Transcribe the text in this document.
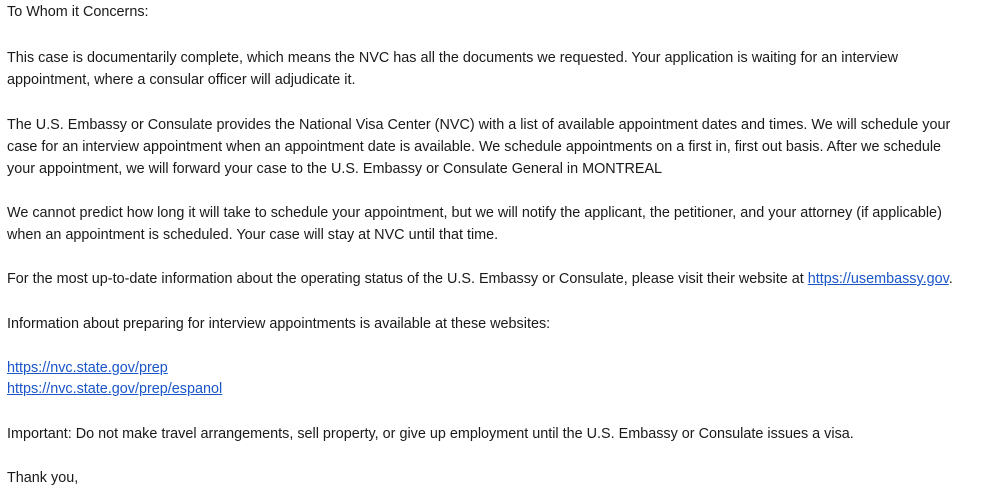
To Whom it Concerns:

This case is documentarily complete, which means the NVC has all the documents we requested. Your application is waiting for an interview

appointment, where a consular officer will adjudicate it.

The U.S. Embassy or Consulate provides the National Visa Center (NVC) with a list of available appointment dates and times. We will schedule your

case for an interview appointment when an appointment date is available. We schedule appointments on a first in, first out basis. After we schedule

your appointment, we will forward your case to the U.S. Embassy or Consulate General in MONTREAL

We cannot predict how long it will take to schedule your appointment, but we will notify the applicant, the petitioner, and your attorney (if applicable)

when an appointment is scheduled. Your case will stay at NVC until that time.

For the most up-to-date information about the operating status of the U.S. Embassy or Consulate, please visit their website at https://usembassy.gov.

Information about preparing for interview appointments is available at these websites:

https://nvc.state.gov/prep

https://nvc.state.gov/prep/espanol

Important: Do not make travel arrangements, sell property, or give up employment until the U.S. Embassy or Consulate issues a visa.

Thank you,
